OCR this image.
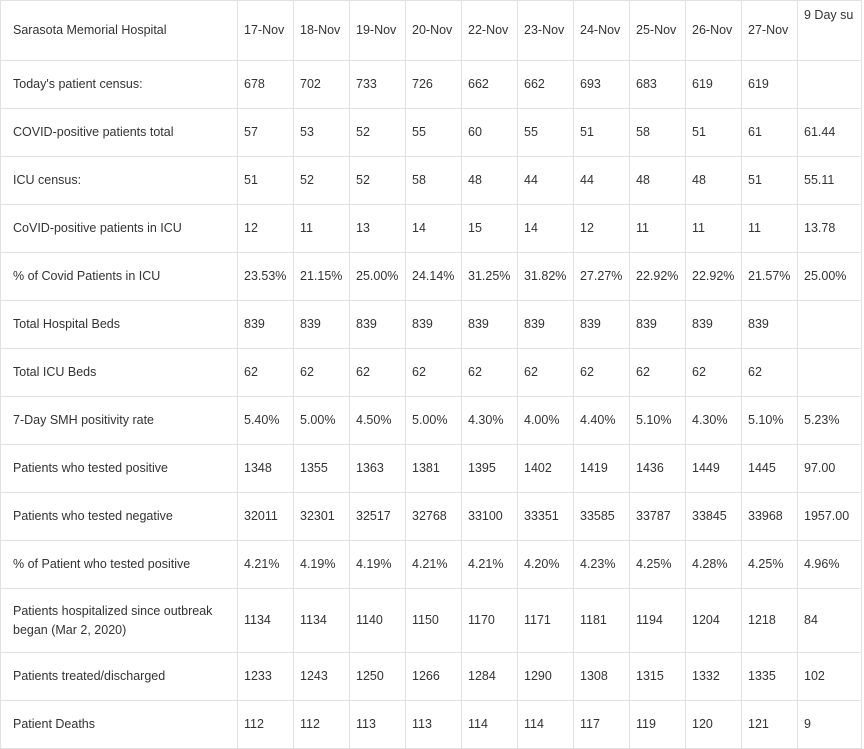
Sarasota Memorial Hospital	17-Nov	18-Nov	19-Nov	20-Nov	22-Nov	23-Nov	24-Nov	25-Nov	26-Nov	27-Nov	9 Day su
Today's patient census:	678	702	733	726	662	662	693	683	619	619	
COVID-positive patients total	57	53	52	55	60	55	51	58	51	61	61.44
ICU census:	51	52	52	58	48	44	44	48	48	51	55.11
CoVID-positive patients in ICU	12	11	13	14	15	14	12	11	11	11	13.78
% of Covid Patients in ICU	23.53%	21.15%	25.00%	24.14%	31.25%	31.82%	27.27%	22.92%	22.92%	21.57%	25.00%
Total Hospital Beds	839	839	839	839	839	839	839	839	839	839	
Total ICU Beds	62	62	62	62	62	62	62	62	62	62	
7-Day SMH positivity rate	5.40%	5.00%	4.50%	5.00%	4.30%	4.00%	4.40%	5.10%	4.30%	5.10%	5.23%
Patients who tested positive	1348	1355	1363	1381	1395	1402	1419	1436	1449	1445	97.00
Patients who tested negative	32011	32301	32517	32768	33100	33351	33585	33787	33845	33968	1957.00
% of Patient who tested positive	4.21%	4.19%	4.19%	4.21%	4.21%	4.20%	4.23%	4.25%	4.28%	4.25%	4.96%
Patients hospitalized since outbreak began (Mar 2, 2020)	1134	1134	1140	1150	1170	1171	1181	1194	1204	1218	84
Patients treated/discharged	1233	1243	1250	1266	1284	1290	1308	1315	1332	1335	102
Patient Deaths	112	112	113	113	114	114	117	119	120	121	9
